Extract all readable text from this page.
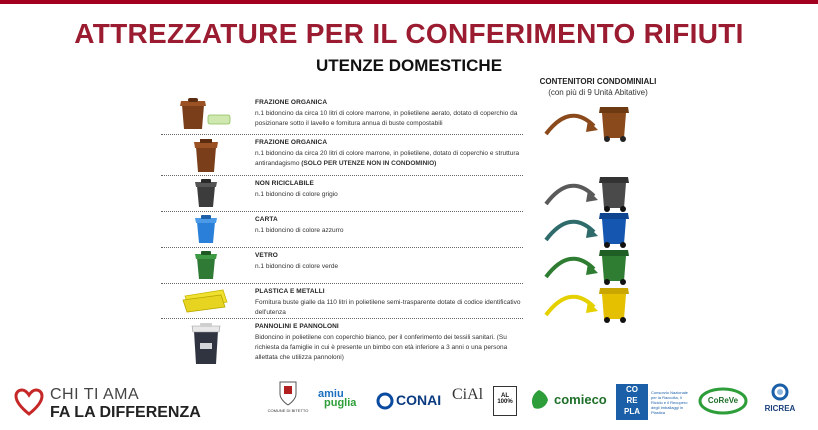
ATTREZZATURE PER IL CONFERIMENTO RIFIUTI
UTENZE DOMESTICHE
FRAZIONE ORGANICA
n.1 bidoncino da circa 10 litri di colore marrone, in polietilene aerato, dotato di coperchio da posizionare sotto il lavello e fornitura annua di buste compostabili
FRAZIONE ORGANICA
n.1 bidoncino da circa 20 litri di colore marrone, in polietilene, dotato di coperchio e struttura antirandagismo (SOLO PER UTENZE NON IN CONDOMINIO)
NON RICICLABILE
n.1 bidoncino di colore grigio
CARTA
n.1 bidoncino di colore azzurro
VETRO
n.1 bidoncino di colore verde
PLASTICA E METALLI
Fornitura buste gialle da 110 litri in polietilene semi-trasparente dotate di codice identificativo dell'utenza
PANNOLINI E PANNOLONI
Bidoncino in polietilene con coperchio bianco, per il conferimento dei tessili sanitari. (Su richiesta da famiglie in cui è presente un bimbo con età inferiore a 3 anni o una persona allettata che utilizza pannoloni)
CONTENITORI CONDOMINIALI
(con più di 9 Unità Abitative)
CHI TI AMA
FA LA DIFFERENZA	COMUNE DI BITETTO
amiu
puglia	CONAI CiAl	AL 100%	comieco
CO
RE
PLA
Consorzio Nazionale per la Raccolta, il Riciclo e il Recupero degli Imballaggi in Plastica
CoReVe
RICREA
